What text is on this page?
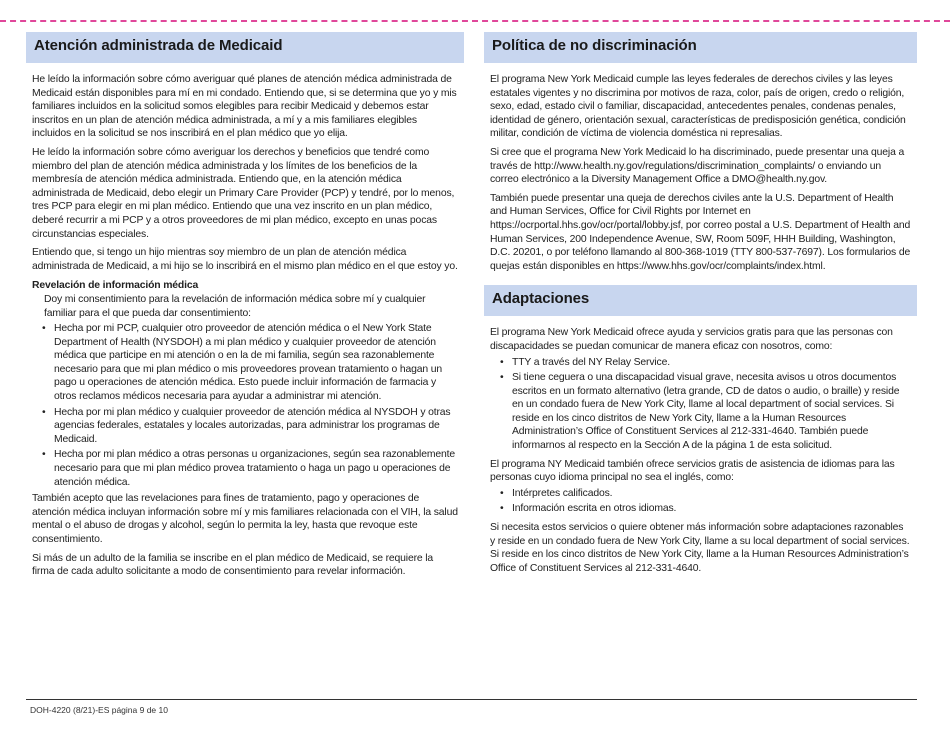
Atención administrada de Medicaid

He leído la información sobre cómo averiguar qué planes de atención médica administrada de Medicaid están disponibles para mí en mi condado. Entiendo que, si se determina que yo y mis familiares incluidos en la solicitud somos elegibles para recibir Medicaid y debemos estar inscritos en un plan de atención médica administrada, a mí y a mis familiares elegibles incluidos en la solicitud se nos inscribirá en el plan médico que yo elija.

He leído la información sobre cómo averiguar los derechos y beneficios que tendré como miembro del plan de atención médica administrada y los límites de los beneficios de la membresía de atención médica administrada. Entiendo que, en la atención médica administrada de Medicaid, debo elegir un Primary Care Provider (PCP) y tendré, por lo menos, tres PCP para elegir en mi plan médico. Entiendo que una vez inscrito en un plan médico, deberé recurrir a mi PCP y a otros proveedores de mi plan médico, excepto en unas pocas circunstancias especiales.

Entiendo que, si tengo un hijo mientras soy miembro de un plan de atención médica administrada de Medicaid, a mi hijo se lo inscribirá en el mismo plan médico en el que estoy yo.

Revelación de información médica

Doy mi consentimiento para la revelación de información médica sobre mí y cualquier familiar para el que pueda dar consentimiento:

• Hecha por mi PCP, cualquier otro proveedor de atención médica o el New York State Department of Health (NYSDOH) a mi plan médico y cualquier proveedor de atención médica que participe en mi atención o en la de mi familia, según sea razonablemente necesario para que mi plan médico o mis proveedores provean tratamiento o hagan un pago u operaciones de atención médica. Esto puede incluir información de farmacia y otros reclamos médicos necesaria para ayudar a administrar mi atención.
• Hecha por mi plan médico y cualquier proveedor de atención médica al NYSDOH y otras agencias federales, estatales y locales autorizadas, para administrar los programas de Medicaid.
• Hecha por mi plan médico a otras personas u organizaciones, según sea razonablemente necesario para que mi plan médico provea tratamiento o haga un pago u operaciones de atención médica.

También acepto que las revelaciones para fines de tratamiento, pago y operaciones de atención médica incluyan información sobre mí y mis familiares relacionada con el VIH, la salud mental o el abuso de drogas y alcohol, según lo permita la ley, hasta que revoque este consentimiento.

Si más de un adulto de la familia se inscribe en el plan médico de Medicaid, se requiere la firma de cada adulto solicitante a modo de consentimiento para revelar información.

Política de no discriminación

El programa New York Medicaid cumple las leyes federales de derechos civiles y las leyes estatales vigentes y no discrimina por motivos de raza, color, país de origen, credo o religión, sexo, edad, estado civil o familiar, discapacidad, antecedentes penales, condenas penales, identidad de género, orientación sexual, características de predisposición genética, condición militar, condición de víctima de violencia doméstica ni represalias.

Si cree que el programa New York Medicaid lo ha discriminado, puede presentar una queja a través de http://www.health.ny.gov/regulations/discrimination_complaints/ o enviando un correo electrónico a la Diversity Management Office a DMO@health.ny.gov.

También puede presentar una queja de derechos civiles ante la U.S. Department of Health and Human Services, Office for Civil Rights por Internet en https://ocrportal.hhs.gov/ocr/portal/lobby.jsf, por correo postal a U.S. Department of Health and Human Services, 200 Independence Avenue, SW, Room 509F, HHH Building, Washington, D.C. 20201, o por teléfono llamando al 800-368-1019 (TTY 800-537-7697). Los formularios de quejas están disponibles en https://www.hhs.gov/ocr/complaints/index.html.

Adaptaciones

El programa New York Medicaid ofrece ayuda y servicios gratis para que las personas con discapacidades se puedan comunicar de manera eficaz con nosotros, como:

• TTY a través del NY Relay Service.
• Si tiene ceguera o una discapacidad visual grave, necesita avisos u otros documentos escritos en un formato alternativo (letra grande, CD de datos o audio, o braille) y reside en un condado fuera de New York City, llame al local department of social services. Si reside en los cinco distritos de New York City, llame a la Human Resources Administration’s Office of Constituent Services al 212-331-4640. También puede informarnos al respecto en la Sección A de la página 1 de esta solicitud.

El programa NY Medicaid también ofrece servicios gratis de asistencia de idiomas para las personas cuyo idioma principal no sea el inglés, como:

• Intérpretes calificados.
• Información escrita en otros idiomas.

Si necesita estos servicios o quiere obtener más información sobre adaptaciones razonables y reside en un condado fuera de New York City, llame a su local department of social services. Si reside en los cinco distritos de New York City, llame a la Human Resources Administration’s Office of Constituent Services al 212-331-4640.

DOH-4220 (8/21)-ES página 9 de 10
